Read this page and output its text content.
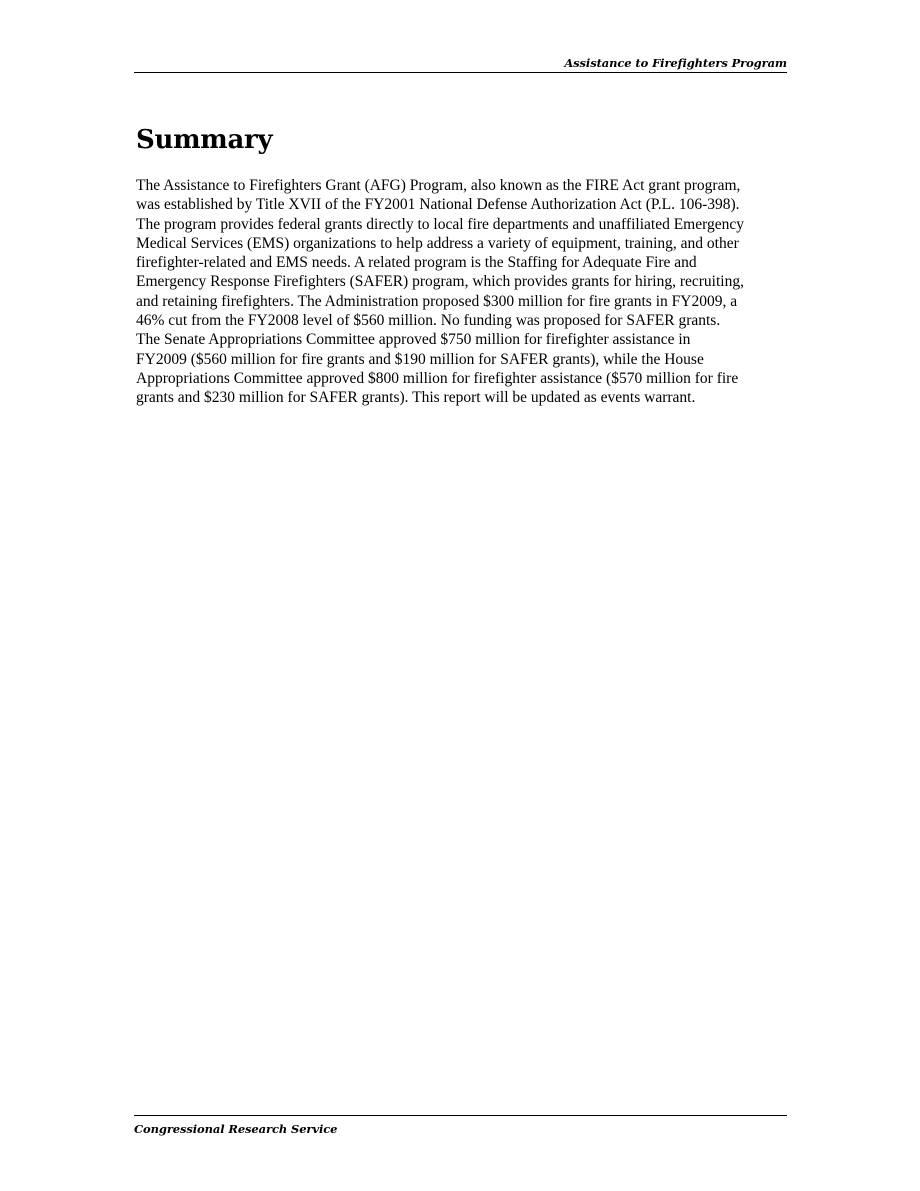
Assistance to Firefighters Program
Summary

The Assistance to Firefighters Grant (AFG) Program, also known as the FIRE Act grant program,
was established by Title XVII of the FY2001 National Defense Authorization Act (P.L. 106-398).
The program provides federal grants directly to local fire departments and unaffiliated Emergency
Medical Services (EMS) organizations to help address a variety of equipment, training, and other
firefighter-related and EMS needs. A related program is the Staffing for Adequate Fire and
Emergency Response Firefighters (SAFER) program, which provides grants for hiring, recruiting,
and retaining firefighters. The Administration proposed $300 million for fire grants in FY2009, a
46% cut from the FY2008 level of $560 million. No funding was proposed for SAFER grants.
The Senate Appropriations Committee approved $750 million for firefighter assistance in
FY2009 ($560 million for fire grants and $190 million for SAFER grants), while the House
Appropriations Committee approved $800 million for firefighter assistance ($570 million for fire
grants and $230 million for SAFER grants). This report will be updated as events warrant.

Congressional Research Service
